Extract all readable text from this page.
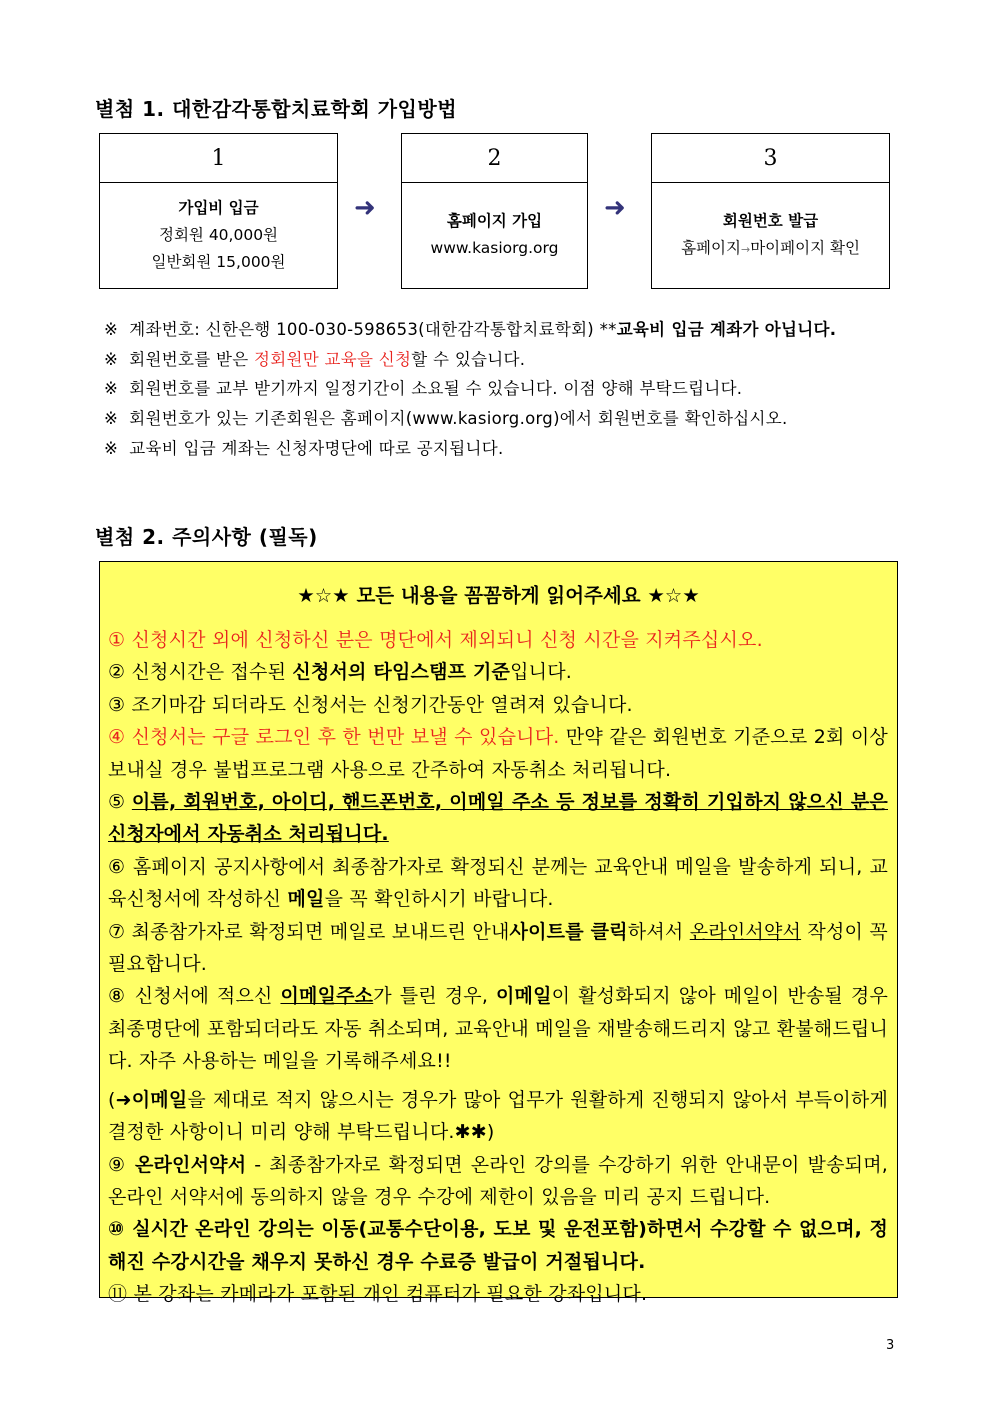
별첨 1. 대한감각통합치료학회 가입방법
1
가입비 입금
정회원 40,000원
일반회원 15,000원
➜
2
홈페이지 가입
www.kasiorg.org
➜
3
회원번호 발급
홈페이지→마이페이지 확인
※ 계좌번호: 신한은행 100-030-598653(대한감각통합치료학회) **교육비 입금 계좌가 아닙니다.
※ 회원번호를 받은 정회원만 교육을 신청할 수 있습니다.
※ 회원번호를 교부 받기까지 일정기간이 소요될 수 있습니다. 이점 양해 부탁드립니다.
※ 회원번호가 있는 기존회원은 홈페이지(www.kasiorg.org)에서 회원번호를 확인하십시오.
※ 교육비 입금 계좌는 신청자명단에 따로 공지됩니다.
별첨 2. 주의사항 (필독)
★☆★ 모든 내용을 꼼꼼하게 읽어주세요 ★☆★
① 신청시간 외에 신청하신 분은 명단에서 제외되니 신청 시간을 지켜주십시오.
② 신청시간은 접수된 신청서의 타임스탬프 기준입니다.
③ 조기마감 되더라도 신청서는 신청기간동안 열려져 있습니다.
④ 신청서는 구글 로그인 후 한 번만 보낼 수 있습니다. 만약 같은 회원번호 기준으로 2회 이상 보내실 경우 불법프로그램 사용으로 간주하여 자동취소 처리됩니다.
⑤ 이름, 회원번호, 아이디, 핸드폰번호, 이메일 주소 등 정보를 정확히 기입하지 않으신 분은 신청자에서 자동취소 처리됩니다.
⑥ 홈페이지 공지사항에서 최종참가자로 확정되신 분께는 교육안내 메일을 발송하게 되니, 교육신청서에 작성하신 메일을 꼭 확인하시기 바랍니다.
⑦ 최종참가자로 확정되면 메일로 보내드린 안내사이트를 클릭하셔서 온라인서약서 작성이 꼭 필요합니다.
⑧ 신청서에 적으신 이메일주소가 틀린 경우, 이메일이 활성화되지 않아 메일이 반송될 경우 최종명단에 포함되더라도 자동 취소되며, 교육안내 메일을 재발송해드리지 않고 환불해드립니다. 자주 사용하는 메일을 기록해주세요!!
(➜이메일을 제대로 적지 않으시는 경우가 많아 업무가 원활하게 진행되지 않아서 부득이하게 결정한 사항이니 미리 양해 부탁드립니다.✱✱)
⑨ 온라인서약서 - 최종참가자로 확정되면 온라인 강의를 수강하기 위한 안내문이 발송되며, 온라인 서약서에 동의하지 않을 경우 수강에 제한이 있음을 미리 공지 드립니다.
⑩ 실시간 온라인 강의는 이동(교통수단이용, 도보 및 운전포함)하면서 수강할 수 없으며, 정해진 수강시간을 채우지 못하신 경우 수료증 발급이 거절됩니다.
⑪ 본 강좌는 카메라가 포함된 개인 컴퓨터가 필요한 강좌입니다.
3
